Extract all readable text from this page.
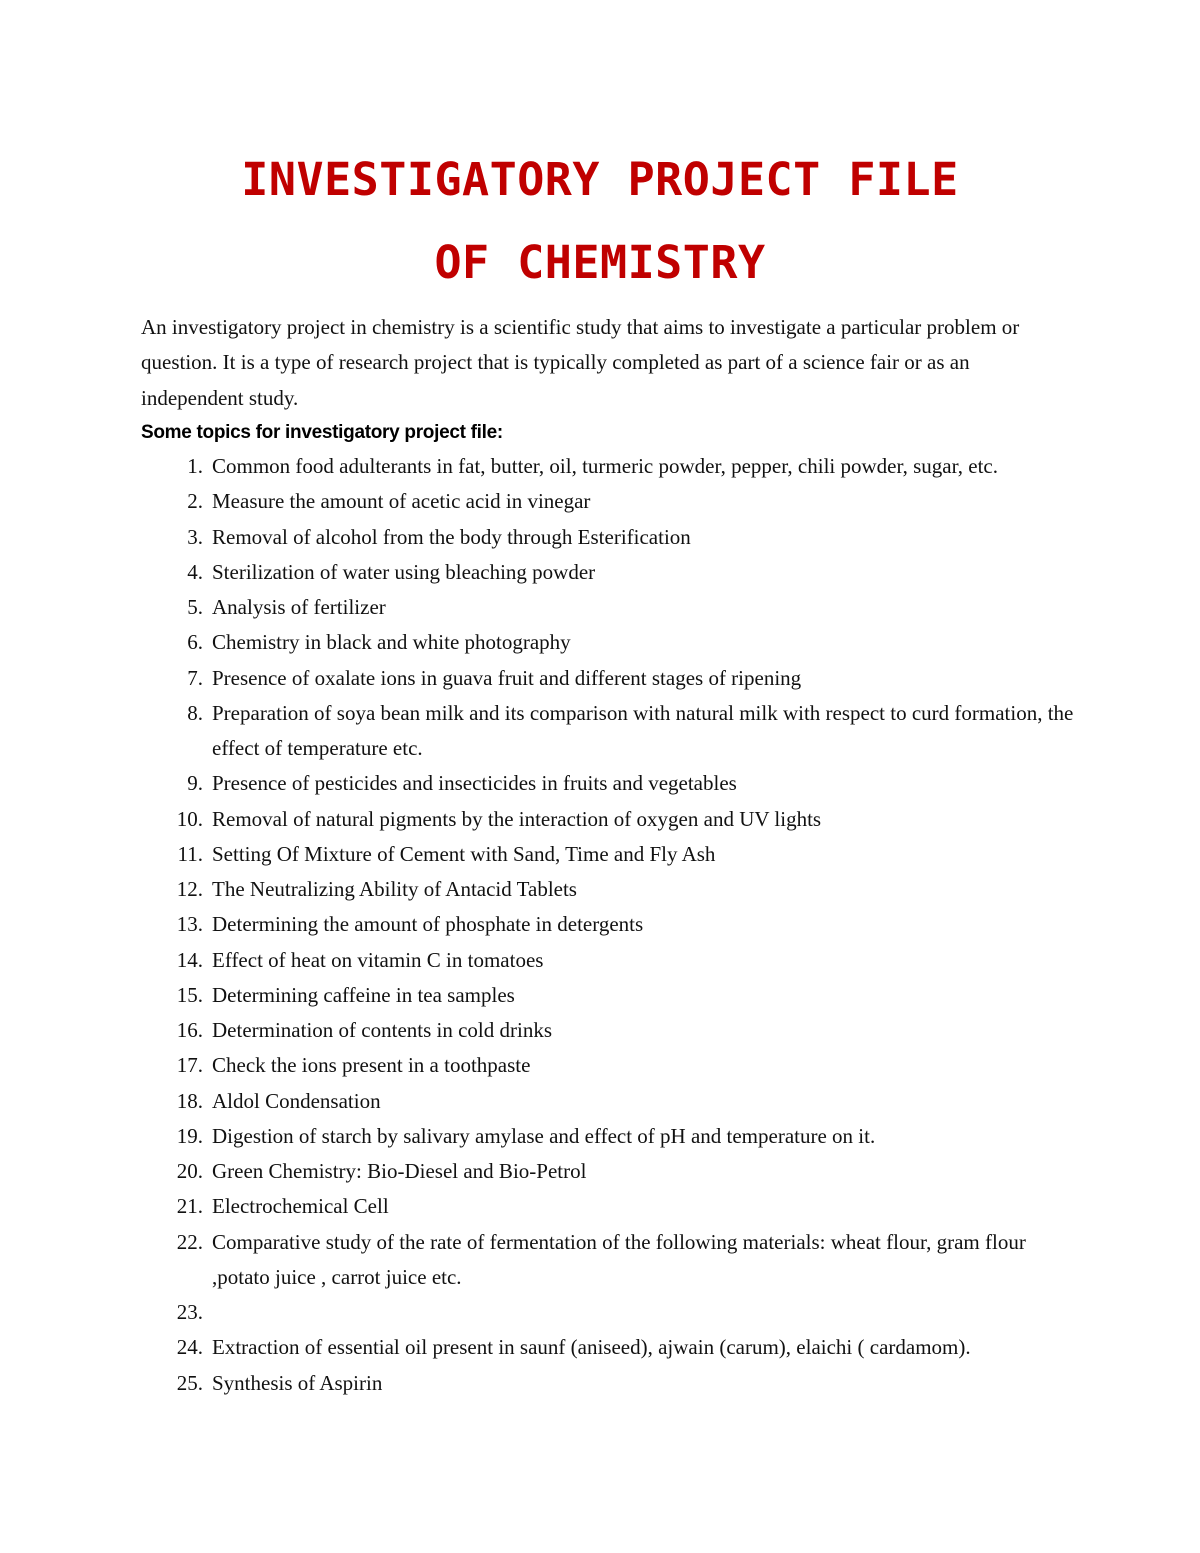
INVESTIGATORY PROJECT FILE
OF CHEMISTRY

An investigatory project in chemistry is a scientific study that aims to investigate a particular problem or question. It is a type of research project that is typically completed as part of a science fair or as an independent study.

Some topics for investigatory project file:
1. Common food adulterants in fat, butter, oil, turmeric powder, pepper, chili powder, sugar, etc.
2. Measure the amount of acetic acid in vinegar
3. Removal of alcohol from the body through Esterification
4. Sterilization of water using bleaching powder
5. Analysis of fertilizer
6. Chemistry in black and white photography
7. Presence of oxalate ions in guava fruit and different stages of ripening
8. Preparation of soya bean milk and its comparison with natural milk with respect to curd formation, the effect of temperature etc.
9. Presence of pesticides and insecticides in fruits and vegetables
10. Removal of natural pigments by the interaction of oxygen and UV lights
11. Setting Of Mixture of Cement with Sand, Time and Fly Ash
12. The Neutralizing Ability of Antacid Tablets
13. Determining the amount of phosphate in detergents
14. Effect of heat on vitamin C in tomatoes
15. Determining caffeine in tea samples
16. Determination of contents in cold drinks
17. Check the ions present in a toothpaste
18. Aldol Condensation
19. Digestion of starch by salivary amylase and effect of pH and temperature on it.
20. Green Chemistry: Bio-Diesel and Bio-Petrol
21. Electrochemical Cell
22. Comparative study of the rate of fermentation of the following materials: wheat flour, gram flour ,potato juice , carrot juice etc.
23.
24. Extraction of essential oil present in saunf (aniseed), ajwain (carum), elaichi ( cardamom).
25. Synthesis of Aspirin
